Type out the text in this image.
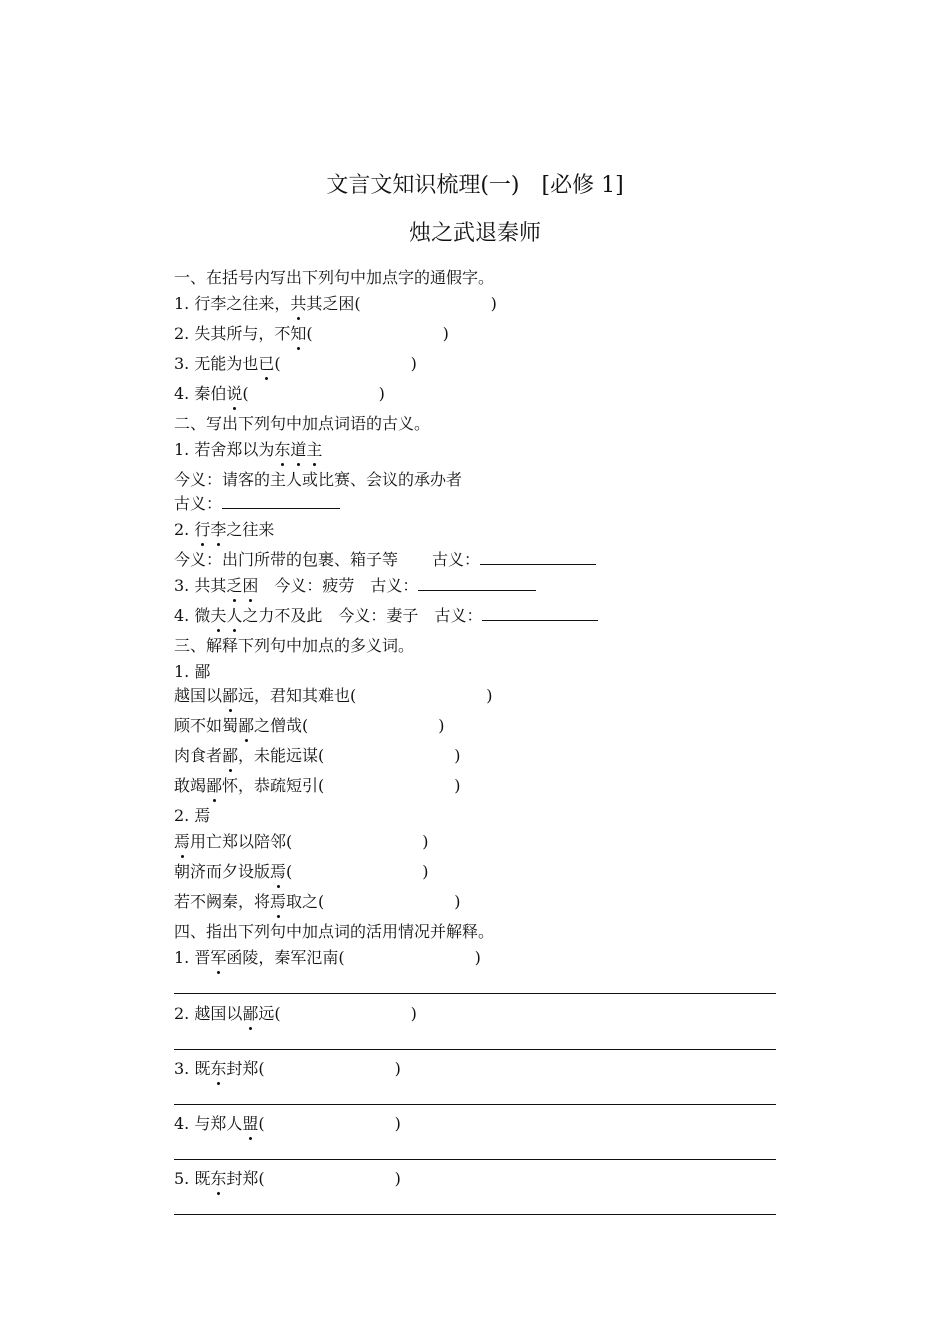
文言文知识梳理(一)　[必修 1]
烛之武退秦师
一、在括号内写出下列句中加点字的通假字。
1. 行李之往来，共其乏困(	)
2. 失其所与，不知(	)
3. 无能为也已(	)
4. 秦伯说(	)
二、写出下列句中加点词语的古义。
1. 若舍郑以为东道主
今义：请客的主人或比赛、会议的承办者
古义：
2. 行李之往来
今义：出门所带的包裹、箱子等 古义：
3. 共其乏困 今义：疲劳 古义：
4. 微夫人之力不及此 今义：妻子 古义：
三、解释下列句中加点的多义词。
1. 鄙
越国以鄙远，君知其难也(	)
顾不如蜀鄙之僧哉(	)
肉食者鄙，未能远谋(	)
敢竭鄙怀，恭疏短引(	)
2. 焉
焉用亡郑以陪邻(	)
朝济而夕设版焉(	)
若不阙秦，将焉取之(	)
四、指出下列句中加点词的活用情况并解释。
1. 晋军函陵，秦军氾南(	)
2. 越国以鄙远(	)
3. 既东封郑(	)
4. 与郑人盟(	)
5. 既东封郑(	)
